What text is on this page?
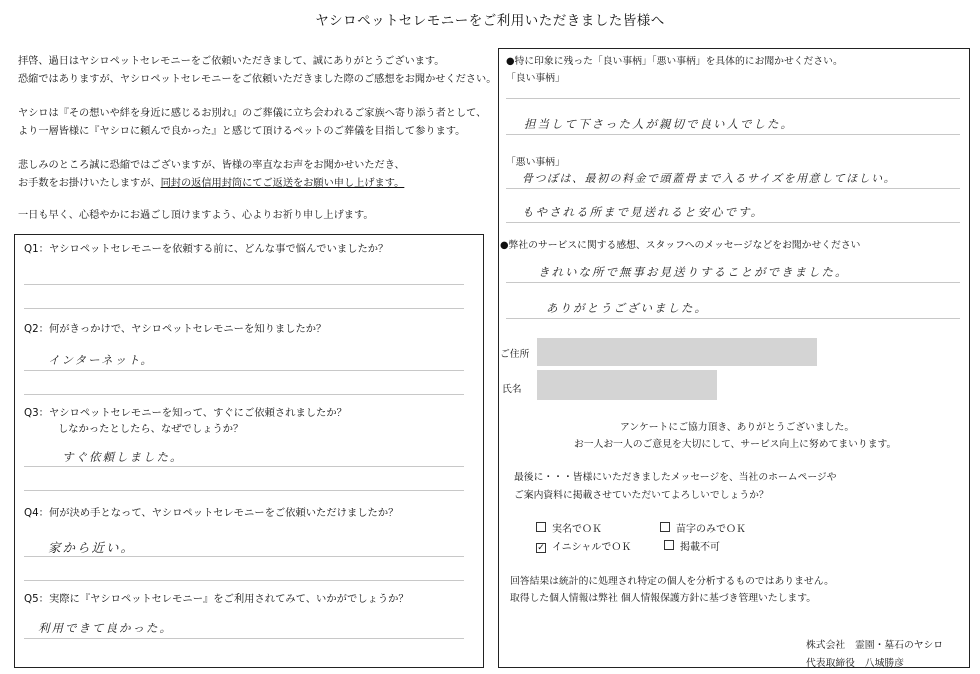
ヤシロペットセレモニーをご利用いただきました皆様へ
拝啓、過日はヤシロペットセレモニーをご依頼いただきまして、誠にありがとうございます。
恐縮ではありますが、ヤシロペットセレモニーをご依頼いただきました際のご感想をお聞かせください。
ヤシロは『その想いや絆を身近に感じるお別れ』のご葬儀に立ち会われるご家族へ寄り添う者として、
より一層皆様に『ヤシロに頼んで良かった』と感じて頂けるペットのご葬儀を目指して参ります。
悲しみのところ誠に恐縮ではございますが、皆様の率直なお声をお聞かせいただき、
お手数をお掛けいたしますが、同封の返信用封筒にてご返送をお願い申し上げます。
一日も早く、心穏やかにお過ごし頂けますよう、心よりお祈り申し上げます。
Q1：ヤシロペットセレモニーを依頼する前に、どんな事で悩んでいましたか？
Q2：何がきっかけで、ヤシロペットセレモニーを知りましたか？
インターネット。
Q3：ヤシロペットセレモニーを知って、すぐにご依頼されましたか？
しなかったとしたら、なぜでしょうか？
すぐ依頼しました。
Q4：何が決め手となって、ヤシロペットセレモニーをご依頼いただけましたか？
家から近い。
Q5：実際に『ヤシロペットセレモニー』をご利用されてみて、いかがでしょうか？
利用できて良かった。
●特に印象に残った「良い事柄」「悪い事柄」を具体的にお聞かせください。
「良い事柄」
担当して下さった人が親切で良い人でした。
「悪い事柄」
骨つぼは、最初の料金で頭蓋骨まで入るサイズを用意してほしい。
もやされる所まで見送れると安心です。
●弊社のサービスに関する感想、スタッフへのメッセージなどをお聞かせください
きれいな所で無事お見送りすることができました。
ありがとうございました。
ご住所
氏名
アンケートにご協力頂き、ありがとうございました。
お一人お一人のご意見を大切にして、サービス向上に努めてまいります。
最後に・・・皆様にいただきましたメッセージを、当社のホームページや
ご案内資料に掲載させていただいてよろしいでしょうか？
実名でＯＫ	苗字のみでＯＫ
✓ イニシャルでＯＫ	掲載不可
回答結果は統計的に処理され特定の個人を分析するものではありません。
取得した個人情報は弊社 個人情報保護方針に基づき管理いたします。
株式会社　霊園・墓石のヤシロ
代表取締役　八城勝彦
